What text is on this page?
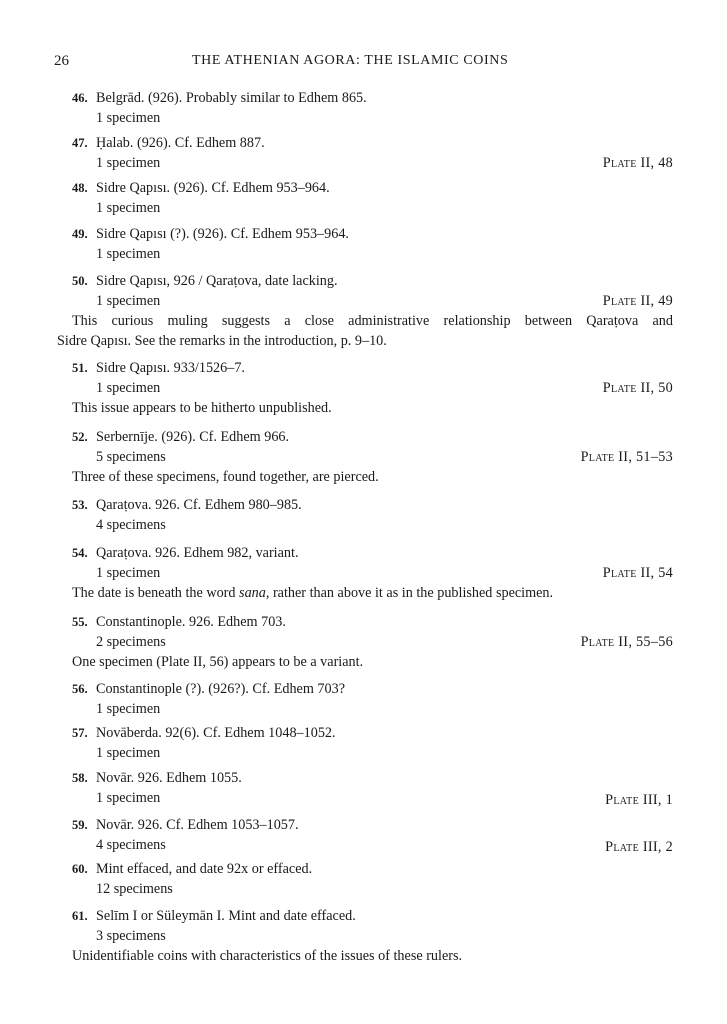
26	THE ATHENIAN AGORA: THE ISLAMIC COINS
46. Belgrād. (926). Probably similar to Edhem 865.
1 specimen
47. Ḥalab. (926). Cf. Edhem 887.
1 specimen	Plate II, 48
48. Sidre Qapısı. (926). Cf. Edhem 953–964.
1 specimen
49. Sidre Qapısı (?). (926). Cf. Edhem 953–964.
1 specimen
50. Sidre Qapısı, 926 / Qaraṭova, date lacking.
1 specimen	Plate II, 49
This curious muling suggests a close administrative relationship between Qaraṭova and
Sidre Qapısı. See the remarks in the introduction, p. 9–10.
51. Sidre Qapısı. 933/1526–7.
1 specimen	Plate II, 50
This issue appears to be hitherto unpublished.
52. Serbernīje. (926). Cf. Edhem 966.
5 specimens	Plate II, 51–53
Three of these specimens, found together, are pierced.
53. Qaraṭova. 926. Cf. Edhem 980–985.
4 specimens
54. Qaraṭova. 926. Edhem 982, variant.
1 specimen	Plate II, 54
The date is beneath the word sana, rather than above it as in the published specimen.
55. Constantinople. 926. Edhem 703.
2 specimens	Plate II, 55–56
One specimen (Plate II, 56) appears to be a variant.
56. Constantinople (?). (926?). Cf. Edhem 703?
1 specimen
57. Novāberda. 92(6). Cf. Edhem 1048–1052.
1 specimen
58. Novār. 926. Edhem 1055.
1 specimen	Plate III, 1
59. Novār. 926. Cf. Edhem 1053–1057.
4 specimens	Plate III, 2
60. Mint effaced, and date 92x or effaced.
12 specimens
61. Selīm I or Süleymān I. Mint and date effaced.
3 specimens
Unidentifiable coins with characteristics of the issues of these rulers.
